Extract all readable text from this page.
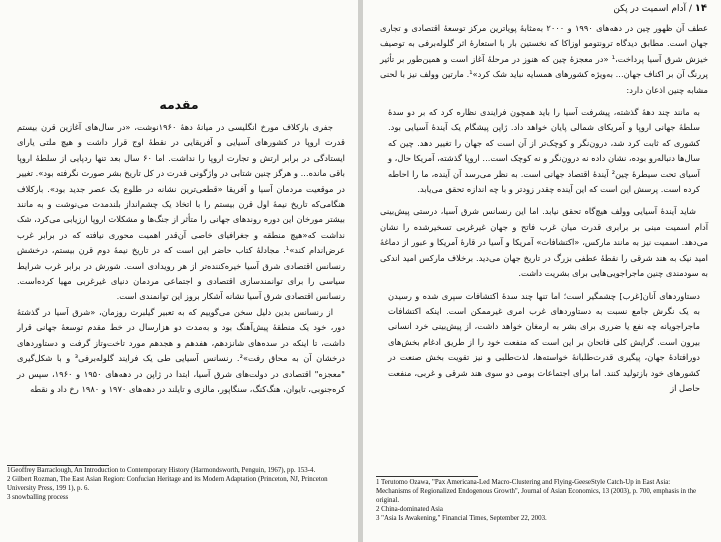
مقدمه

جفری بارکلاف مورخ انگلیسی در میانهٔ دههٔ ۱۹۶۰نوشت، «در سال‌های آغازین قرن بیستم قدرت اروپا در کشورهای آسیایی و آفریقایی در نقطهٔ اوج قرار داشت و هیچ ملتی یارای ایستادگی در برابر ارتش و تجارت اروپا را نداشت. اما ۶۰ سال بعد تنها ردپایی از سلطهٔ اروپا باقی مانده... و هرگز چنین شتابی در واژگونی قدرت در کل تاریخ بشر صورت نگرفته بود». تغییر در موقعیت مردمان آسیا و آفریقا «قطعی‌ترین نشانه در طلوع یک عصر جدید بود». بارکلاف هنگامی‌که تاریخ نیمهٔ اول قرن بیستم را با اتخاذ یک چشم‌انداز بلندمدت می‌نوشت و به مانند بیشتر مورخان این دوره روندهای جهانی را متأثر از جنگ‌ها و مشکلات اروپا ارزیابی می‌کرد، شک نداشت که«هیچ منطقه و جغرافیای خاصی آن‌قدر اهمیت محوری نیافته که در برابر غرب عرض‌اندام کند»¹. مجادلهٔ کتاب حاضر این است که در تاریخ نیمهٔ دوم قرن بیستم، درخشش رنسانس اقتصادی شرق آسیا خیره‌کننده‌تر از هر رویدادی است. شورش در برابر غرب شرایط سیاسی را برای توانمندسازی اقتصادی و اجتماعی مردمان دنیای غیرغربی مهیا کرده‌است. رنسانس اقتصادی شرق آسیا نشانه آشکار بروز این توانمندی است.

از رنسانس بدین دلیل سخن می‌گوییم که به تعبیر گیلبرت روزمان، «شرق آسیا در گذشتهٔ دور، خود یک منطقهٔ پیش‌آهنگ بود و به‌مدت دو هزارسال در خط مقدم توسعهٔ جهانی قرار داشت، تا اینکه در سده‌های شانزدهم، هفدهم و هجدهم مورد تاخت‌وتاز گرفت و دستاوردهای درخشان آن به محاق رفت»². رنسانس آسیایی طی یک فرایند گلوله‌برفی³ و با شکل‌گیری "معجزه" اقتصادی در دولت‌های شرق آسیا، ابتدا در ژاپن در دهه‌های ۱۹۵۰ و ۱۹۶۰، سپس در کره‌جنوبی، تایوان، هنگ‌کنگ، سنگاپور، مالزی و تایلند در دهه‌های ۱۹۷۰ و ۱۹۸۰ رخ داد و نقطه

1Geoffrey Barraclough, An Introduction to Contemporary History (Harmondsworth, Penguin, 1967), pp. 153-4.

2 Gilbert Rozman, The East Asian Region: Confucian Heritage and its Modern Adaptation (Princeton, NJ, Princeton University Press, 199 1), p. 6.

3 snowballing process

۱۴ / آدام اسمیت در پکن

عطف آن ظهور چین در دهه‌های ۱۹۹۰ و ۲۰۰۰ به‌مثابهٔ پویاترین مرکز توسعهٔ اقتصادی و تجاری جهان است. مطابق دیدگاه ترونتومو اوزاکا که نخستین بار با استعارهٔ اثر گلوله‌برفی به توصیف خیزش شرق آسیا پرداخت،¹ «در معجزهٔ چین که هنوز در مرحلهٔ آغاز است و همین‌طور بر تأثیر پررنگ آن بر اکناف جهان... به‌ویژه کشورهای همسایه نباید شک کرد»¹. مارتین وولف نیز با لحنی مشابه چنین اذعان دارد:

به مانند چند دههٔ گذشته، پیشرفت آسیا را باید همچون فرایندی نظاره کرد که بر دو سدهٔ سلطهٔ جهانی اروپا و آمریکای شمالی پایان خواهد داد. ژاپن پیشگام یک آیندهٔ آسیایی بود. کشوری که ثابت کرد شد، درون‌نگر و کوچک‌تر از آن است که جهان را تغییر دهد. چین که سال‌ها دنباله‌رو بوده، نشان داده نه درون‌نگر و نه کوچک است... اروپا گذشته، آمریکا حال، و آسیای تحت سیطرهٔ چین² آیندهٔ اقتصاد جهانی است. به نظر می‌رسد آن آینده، ما را احاطه کرده است. پرسش این است که این آینده چقدر زودتر و با چه اندازه تحقق می‌یابد.

شاید آیندهٔ آسیایی وولف هیچ‌گاه تحقق نیابد. اما این رنسانس شرق آسیا، درستی پیش‌بینی آدام اسمیت مبنی بر برابری قدرت میان غرب فاتح و جهان غیرغربی تسخیرشده را نشان می‌دهد. اسمیت نیز به مانند مارکس، «اکتشافات» آمریکا و آسیا در قارهٔ آمریکا و عبور از دماغهٔ امید نیک به هند شرقی را نقطهٔ عطفی بزرگ در تاریخ جهان می‌دید. برخلاف مارکس امید اندکی به سودمندی چنین ماجراجویی‌هایی برای بشریت داشت.

دستاوردهای آنان[غرب] چشمگیر است؛ اما تنها چند سدهٔ اکتشافات سپری شده و رسیدن به یک نگرش جامع نسبت به دستاوردهای غرب امری غیرممکن است. اینکه اکتشافات ماجراجویانه چه نفع یا ضرری برای بشر به ارمغان خواهد داشت، از پیش‌بینی خرد انسانی بیرون است. گرایش کلی فاتحان بر این است که منفعت خود را از طریق ادغام بخش‌های دورافتادهٔ جهان، پیگیری قدرت‌طلبانهٔ خواسته‌ها، لذت‌طلبی و نیز تقویت بخش صنعت در کشورهای خود بازتولید کنند. اما برای اجتماعات بومی دو سوی هند شرقی و غربی، منفعت حاصل از

1 Terutomo Ozawa, "Pax Americana-Led Macro-Clustering and Flying-GeeseStyle Catch-Up in East Asia: Mechanisms of Regionalized Endogenous Growth", Journal of Asian Economics, 13 (2003), p. 700, emphasis in the original.

2 China-dominated Asia

3 "Asia Is Awakening," Financial Times, September 22, 2003.
